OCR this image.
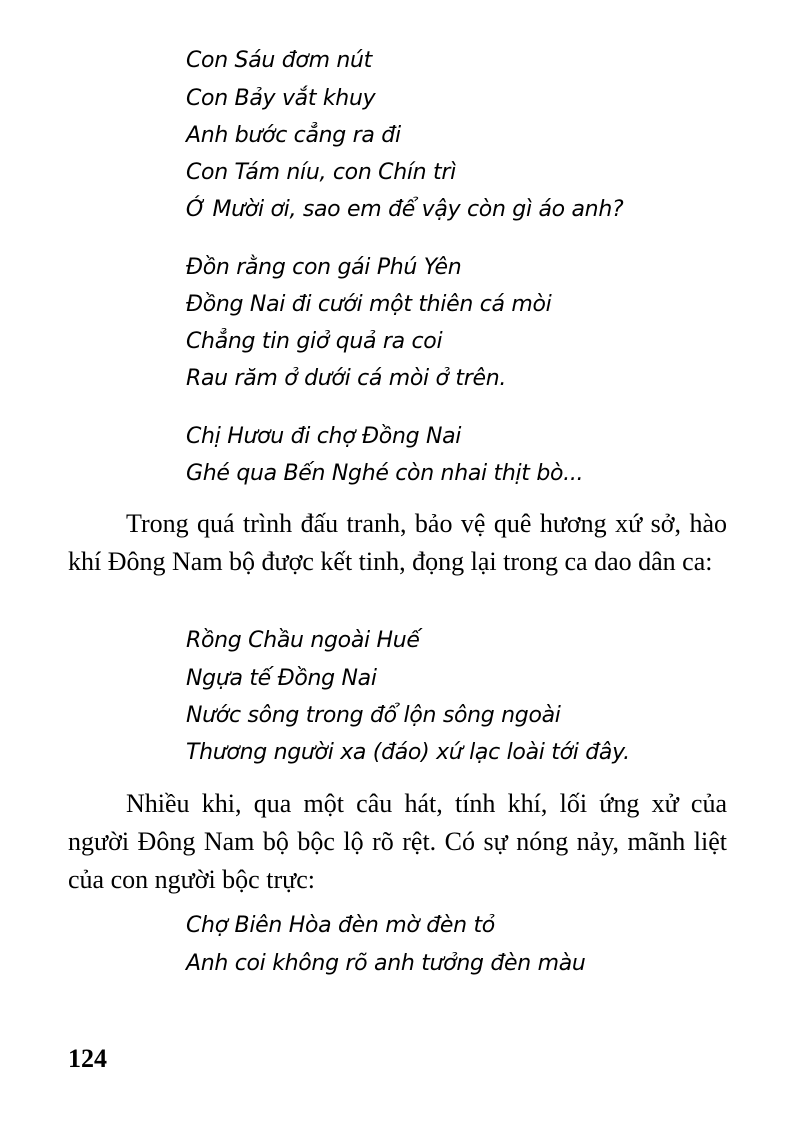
Con Sáu đơm nút
Con Bảy vắt khuy
Anh bước cẳng ra đi
Con Tám níu, con Chín trì
Ớ Mười ơi, sao em để vậy còn gì áo anh?
Đồn rằng con gái Phú Yên
Đồng Nai đi cưới một thiên cá mòi
Chẳng tin giở quả ra coi
Rau răm ở dưới cá mòi ở trên.
Chị Hươu đi chợ Đồng Nai
Ghé qua Bến Nghé còn nhai thịt bò...

Trong quá trình đấu tranh, bảo vệ quê hương xứ sở, hào khí Đông Nam bộ được kết tinh, đọng lại trong ca dao dân ca:

Rồng Chầu ngoài Huế
Ngựa tế Đồng Nai
Nước sông trong đổ lộn sông ngoài
Thương người xa (đáo) xứ lạc loài tới đây.

Nhiều khi, qua một câu hát, tính khí, lối ứng xử của người Đông Nam bộ bộc lộ rõ rệt. Có sự nóng nảy, mãnh liệt của con người bộc trực:

Chợ Biên Hòa đèn mờ đèn tỏ
Anh coi không rõ anh tưởng đèn màu
124
